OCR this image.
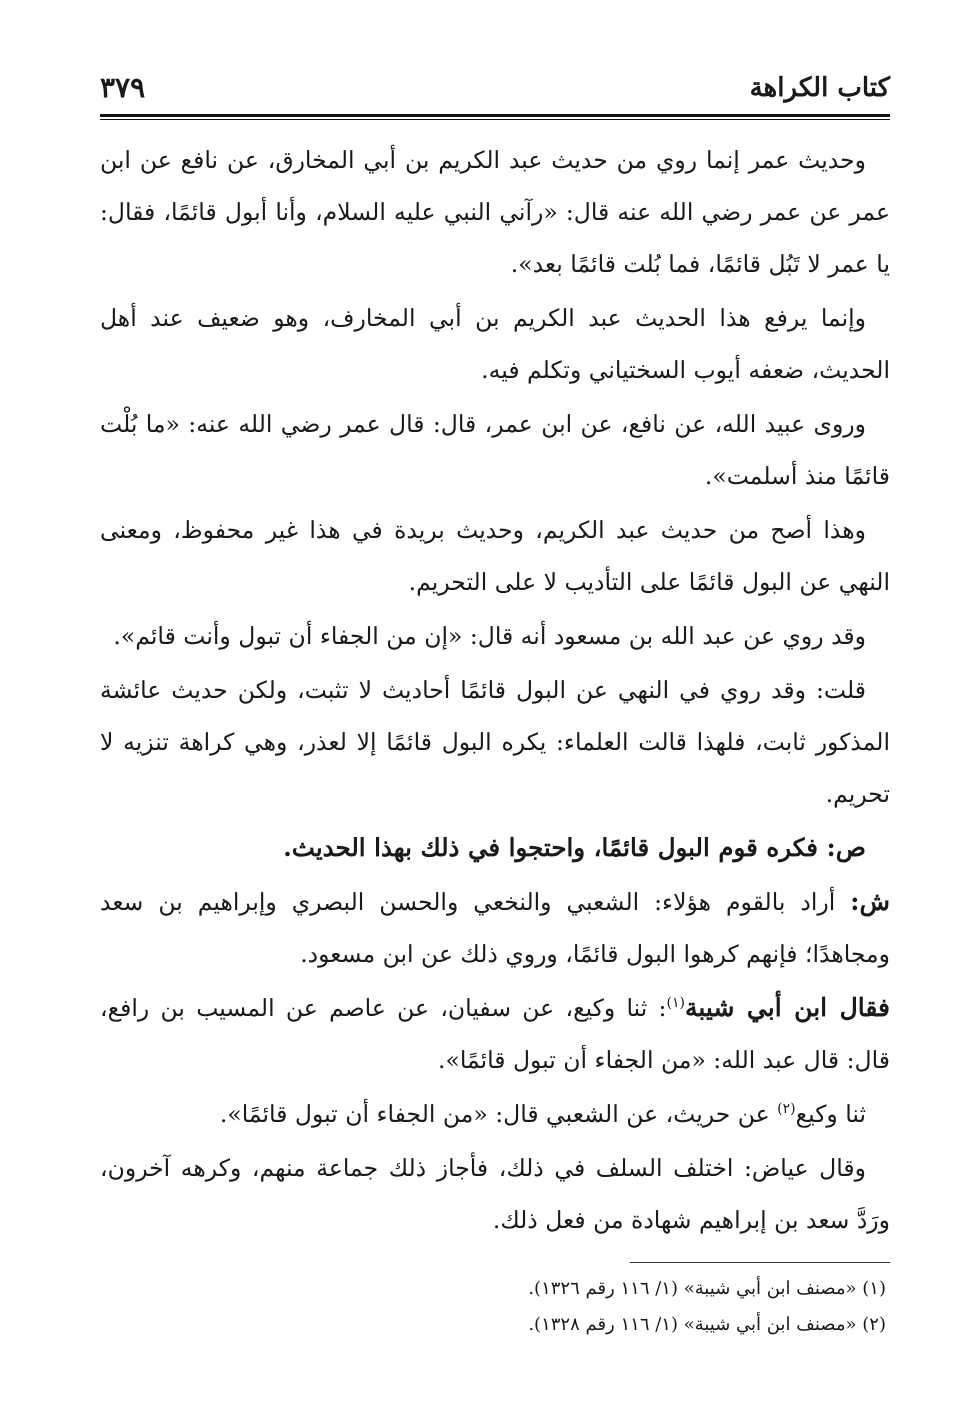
كتاب الكراهة
٣٧٩

وحديث عمر إنما روي من حديث عبد الكريم بن أبي المخارق، عن نافع عن ابن عمر عن عمر رضي الله عنه قال: «رآني النبي عليه السلام، وأنا أبول قائمًا، فقال: يا عمر لا تَبُل قائمًا، فما بُلت قائمًا بعد».

وإنما يرفع هذا الحديث عبد الكريم بن أبي المخارف، وهو ضعيف عند أهل الحديث، ضعفه أيوب السختياني وتكلم فيه.

وروى عبيد الله، عن نافع، عن ابن عمر، قال: قال عمر رضي الله عنه: «ما بُلْت قائمًا منذ أسلمت».

وهذا أصح من حديث عبد الكريم، وحديث بريدة في هذا غير محفوظ، ومعنى النهي عن البول قائمًا على التأديب لا على التحريم.

وقد روي عن عبد الله بن مسعود أنه قال: «إن من الجفاء أن تبول وأنت قائم».

قلت: وقد روي في النهي عن البول قائمًا أحاديث لا تثبت، ولكن حديث عائشة المذكور ثابت، فلهذا قالت العلماء: يكره البول قائمًا إلا لعذر، وهي كراهة تنزيه لا تحريم.

ص: فكره قوم البول قائمًا، واحتجوا في ذلك بهذا الحديث.

ش: أراد بالقوم هؤلاء: الشعبي والنخعي والحسن البصري وإبراهيم بن سعد ومجاهدًا؛ فإنهم كرهوا البول قائمًا، وروي ذلك عن ابن مسعود.

فقال ابن أبي شيبة$^{(١)}$: ثنا وكيع، عن سفيان، عن عاصم عن المسيب بن رافع، قال: قال عبد الله: «من الجفاء أن تبول قائمًا».

ثنا وكيع$^{(٢)}$ عن حريث، عن الشعبي قال: «من الجفاء أن تبول قائمًا».

وقال عياض: اختلف السلف في ذلك، فأجاز ذلك جماعة منهم، وكرهه آخرون، ورَدَّ سعد بن إبراهيم شهادة من فعل ذلك.

(١) «مصنف ابن أبي شيبة» (١/ ١١٦ رقم ١٣٢٦).

(٢) «مصنف ابن أبي شيبة» (١/ ١١٦ رقم ١٣٢٨).
